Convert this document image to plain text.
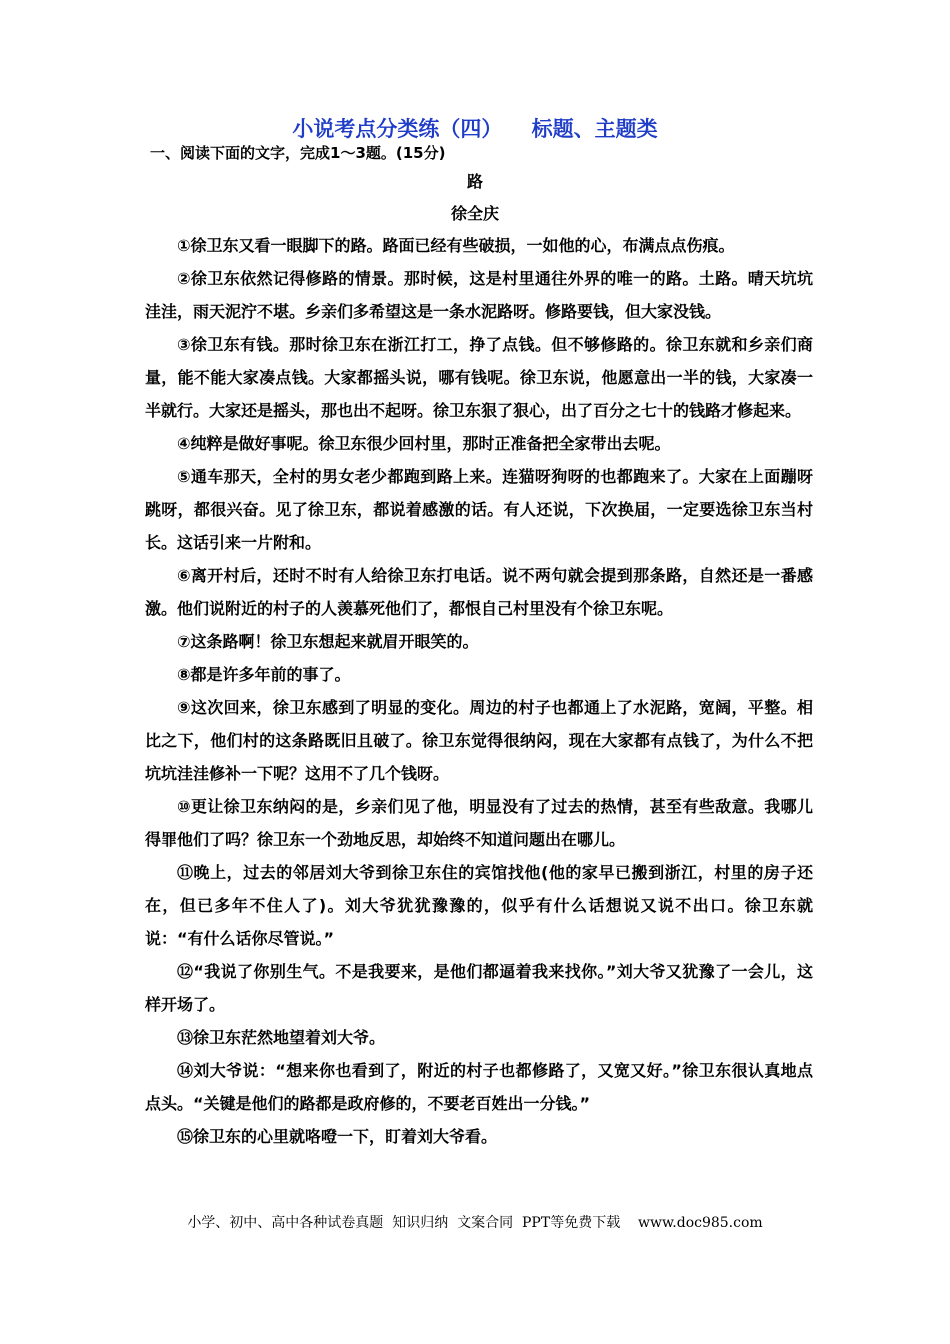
小说考点分类练（四）    标题、主题类
一、阅读下面的文字，完成1～3题。(15分)
路
徐全庆

①徐卫东又看一眼脚下的路。路面已经有些破损，一如他的心，布满点点伤痕。

②徐卫东依然记得修路的情景。那时候，这是村里通往外界的唯一的路。土路。晴天坑坑洼洼，雨天泥泞不堪。乡亲们多希望这是一条水泥路呀。修路要钱，但大家没钱。

③徐卫东有钱。那时徐卫东在浙江打工，挣了点钱。但不够修路的。徐卫东就和乡亲们商量，能不能大家凑点钱。大家都摇头说，哪有钱呢。徐卫东说，他愿意出一半的钱，大家凑一半就行。大家还是摇头，那也出不起呀。徐卫东狠了狠心，出了百分之七十的钱路才修起来。

④纯粹是做好事呢。徐卫东很少回村里，那时正准备把全家带出去呢。

⑤通车那天，全村的男女老少都跑到路上来。连猫呀狗呀的也都跑来了。大家在上面蹦呀跳呀，都很兴奋。见了徐卫东，都说着感激的话。有人还说，下次换届，一定要选徐卫东当村长。这话引来一片附和。

⑥离开村后，还时不时有人给徐卫东打电话。说不两句就会提到那条路，自然还是一番感激。他们说附近的村子的人羡慕死他们了，都恨自己村里没有个徐卫东呢。

⑦这条路啊！徐卫东想起来就眉开眼笑的。

⑧都是许多年前的事了。

⑨这次回来，徐卫东感到了明显的变化。周边的村子也都通上了水泥路，宽阔，平整。相比之下，他们村的这条路既旧且破了。徐卫东觉得很纳闷，现在大家都有点钱了，为什么不把坑坑洼洼修补一下呢？这用不了几个钱呀。

⑩更让徐卫东纳闷的是，乡亲们见了他，明显没有了过去的热情，甚至有些敌意。我哪儿得罪他们了吗？徐卫东一个劲地反思，却始终不知道问题出在哪儿。

⑪晚上，过去的邻居刘大爷到徐卫东住的宾馆找他(他的家早已搬到浙江，村里的房子还在，但已多年不住人了)。刘大爷犹犹豫豫的，似乎有什么话想说又说不出口。徐卫东就说：“有什么话你尽管说。”

⑫“我说了你别生气。不是我要来，是他们都逼着我来找你。”刘大爷又犹豫了一会儿，这样开场了。

⑬徐卫东茫然地望着刘大爷。

⑭刘大爷说：“想来你也看到了，附近的村子也都修路了，又宽又好。”徐卫东很认真地点点头。“关键是他们的路都是政府修的，不要老百姓出一分钱。”

⑮徐卫东的心里就咯噔一下，盯着刘大爷看。

小学、初中、高中各种试卷真题  知识归纳  文案合同  PPT等免费下载    www.doc985.com
